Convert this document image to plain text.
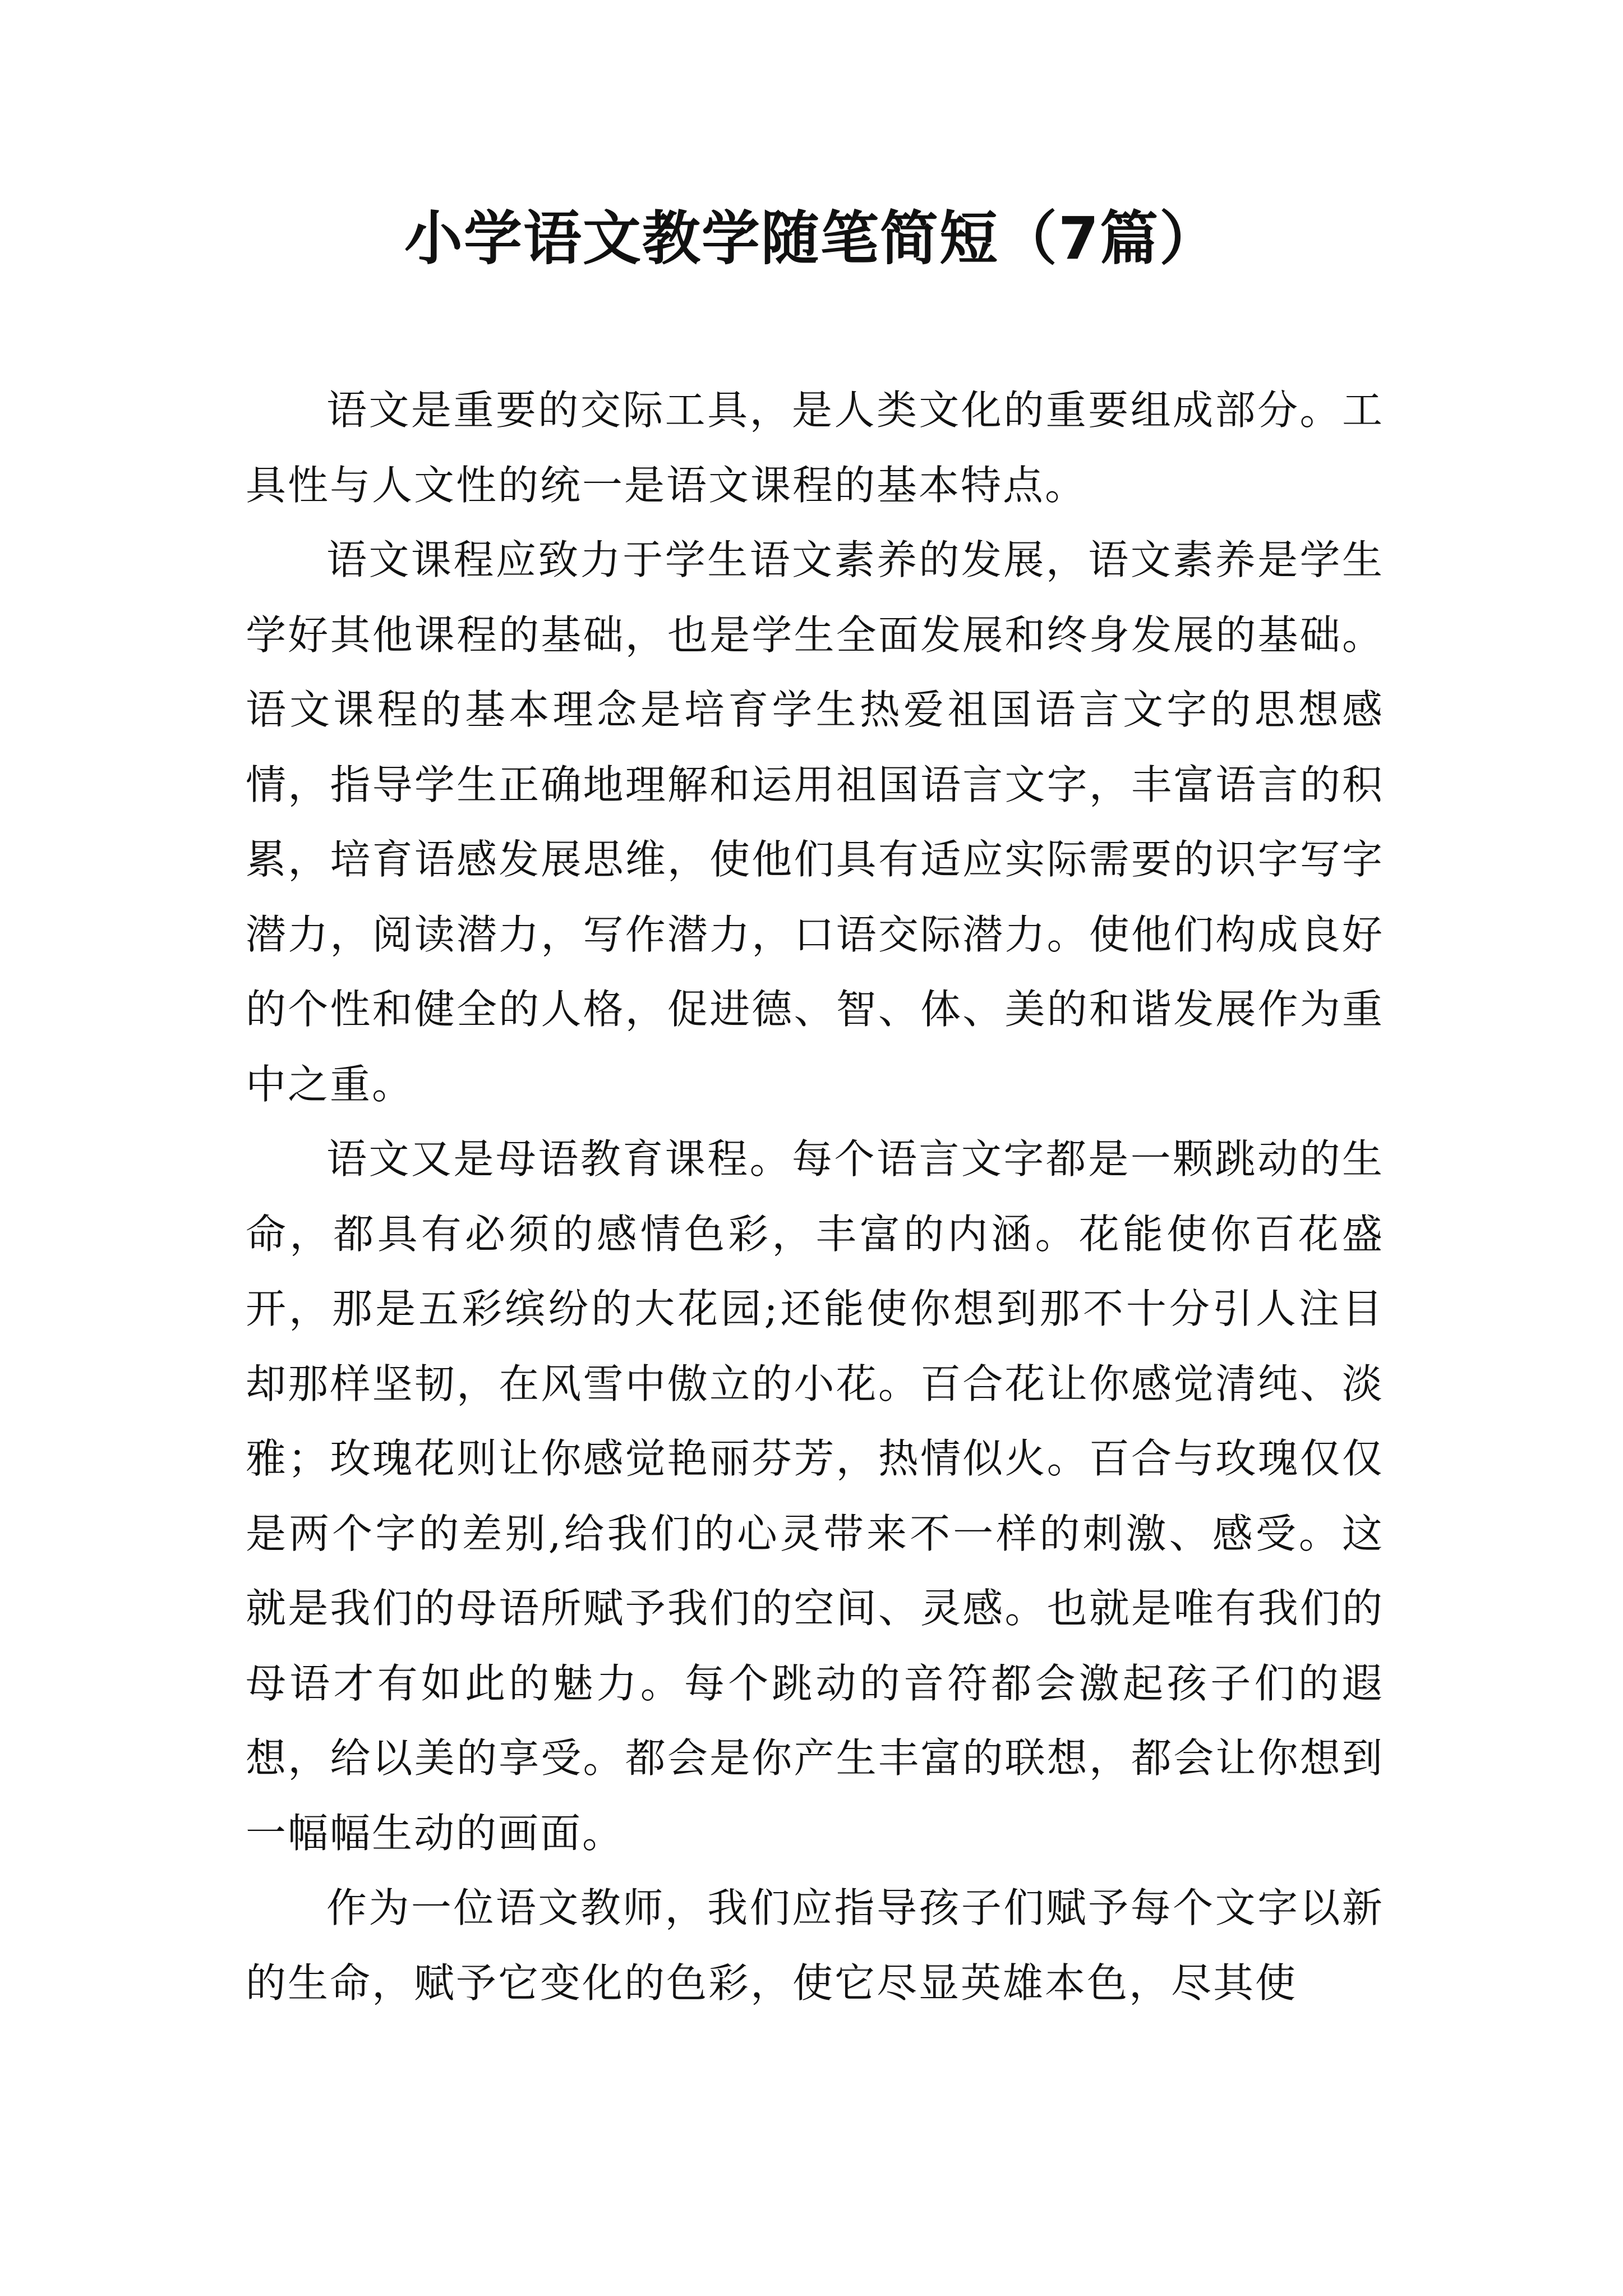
小学语文教学随笔简短（7篇）

语文是重要的交际工具，是人类文化的重要组成部分。工具性与人文性的统一是语文课程的基本特点。

语文课程应致力于学生语文素养的发展，语文素养是学生学好其他课程的基础，也是学生全面发展和终身发展的基础。语文课程的基本理念是培育学生热爱祖国语言文字的思想感情，指导学生正确地理解和运用祖国语言文字，丰富语言的积累，培育语感发展思维，使他们具有适应实际需要的识字写字潜力，阅读潜力，写作潜力，口语交际潜力。使他们构成良好的个性和健全的人格，促进德、智、体、美的和谐发展作为重中之重。

语文又是母语教育课程。每个语言文字都是一颗跳动的生命，都具有必须的感情色彩，丰富的内涵。花能使你百花盛开，那是五彩缤纷的大花园;还能使你想到那不十分引人注目却那样坚韧，在风雪中傲立的小花。百合花让你感觉清纯、淡雅；玫瑰花则让你感觉艳丽芬芳，热情似火。百合与玫瑰仅仅是两个字的差别,给我们的心灵带来不一样的刺激、感受。这就是我们的母语所赋予我们的空间、灵感。也就是唯有我们的母语才有如此的魅力。每个跳动的音符都会激起孩子们的遐想，给以美的享受。都会是你产生丰富的联想，都会让你想到一幅幅生动的画面。

作为一位语文教师，我们应指导孩子们赋予每个文字以新的生命，赋予它变化的色彩，使它尽显英雄本色，尽其使
